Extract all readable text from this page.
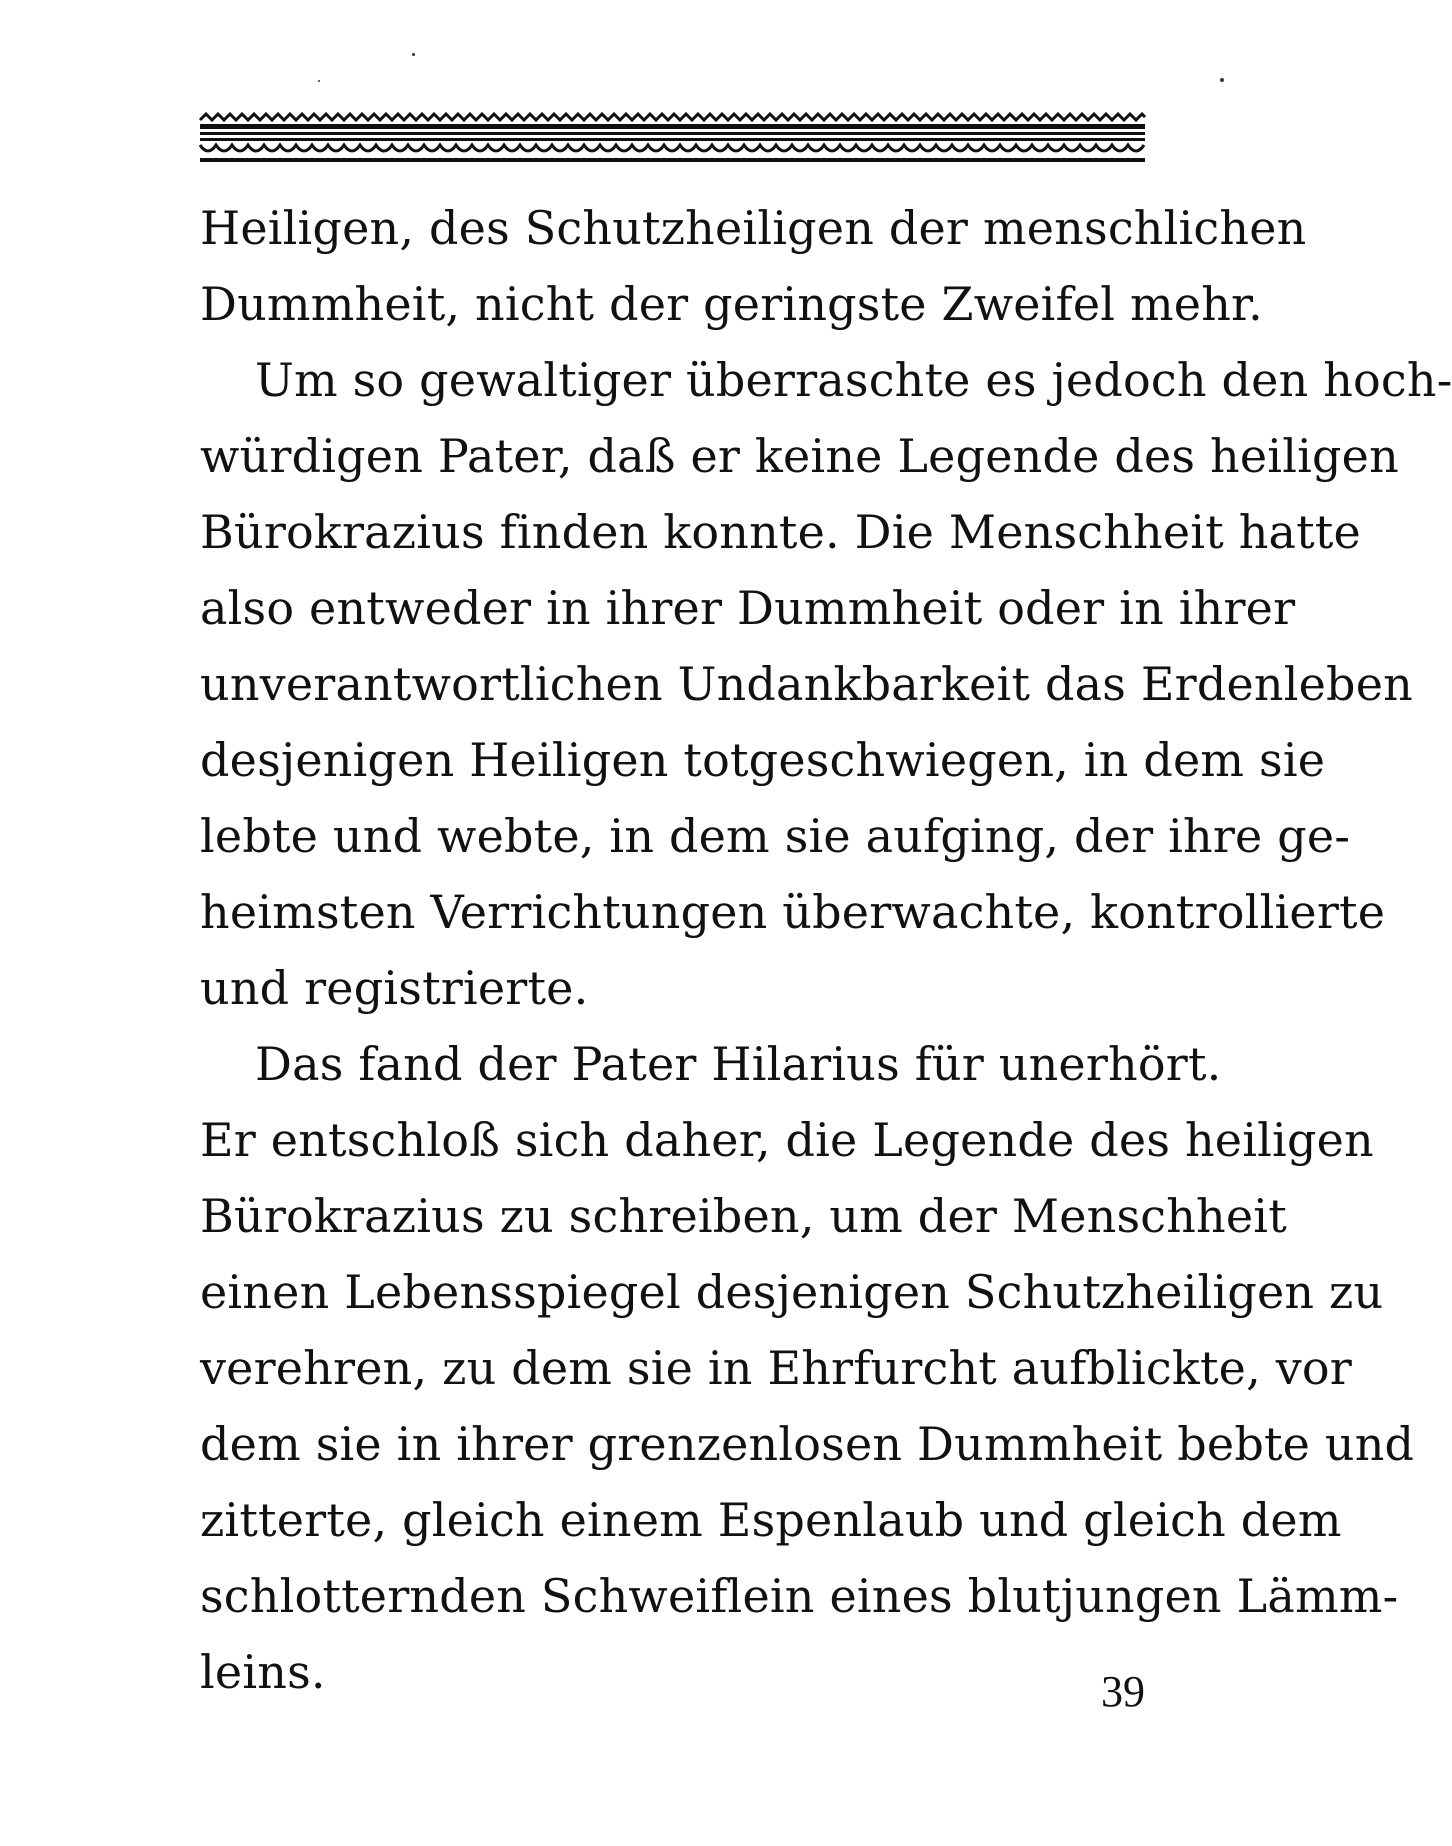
Heiligen, des Schutzheiligen der menschlichen
Dummheit, nicht der geringste Zweifel mehr.
Um so gewaltiger überraschte es jedoch den hoch-
würdigen Pater, daß er keine Legende des heiligen
Bürokrazius finden konnte. Die Menschheit hatte
also entweder in ihrer Dummheit oder in ihrer
unverantwortlichen Undankbarkeit das Erdenleben
desjenigen Heiligen totgeschwiegen, in dem sie
lebte und webte, in dem sie aufging, der ihre ge-
heimsten Verrichtungen überwachte, kontrollierte
und registrierte.
Das fand der Pater Hilarius für unerhört.
Er entschloß sich daher, die Legende des heiligen
Bürokrazius zu schreiben, um der Menschheit
einen Lebensspiegel desjenigen Schutzheiligen zu
verehren, zu dem sie in Ehrfurcht aufblickte, vor
dem sie in ihrer grenzenlosen Dummheit bebte und
zitterte, gleich einem Espenlaub und gleich dem
schlotternden Schweiflein eines blutjungen Lämm-
leins.	39
